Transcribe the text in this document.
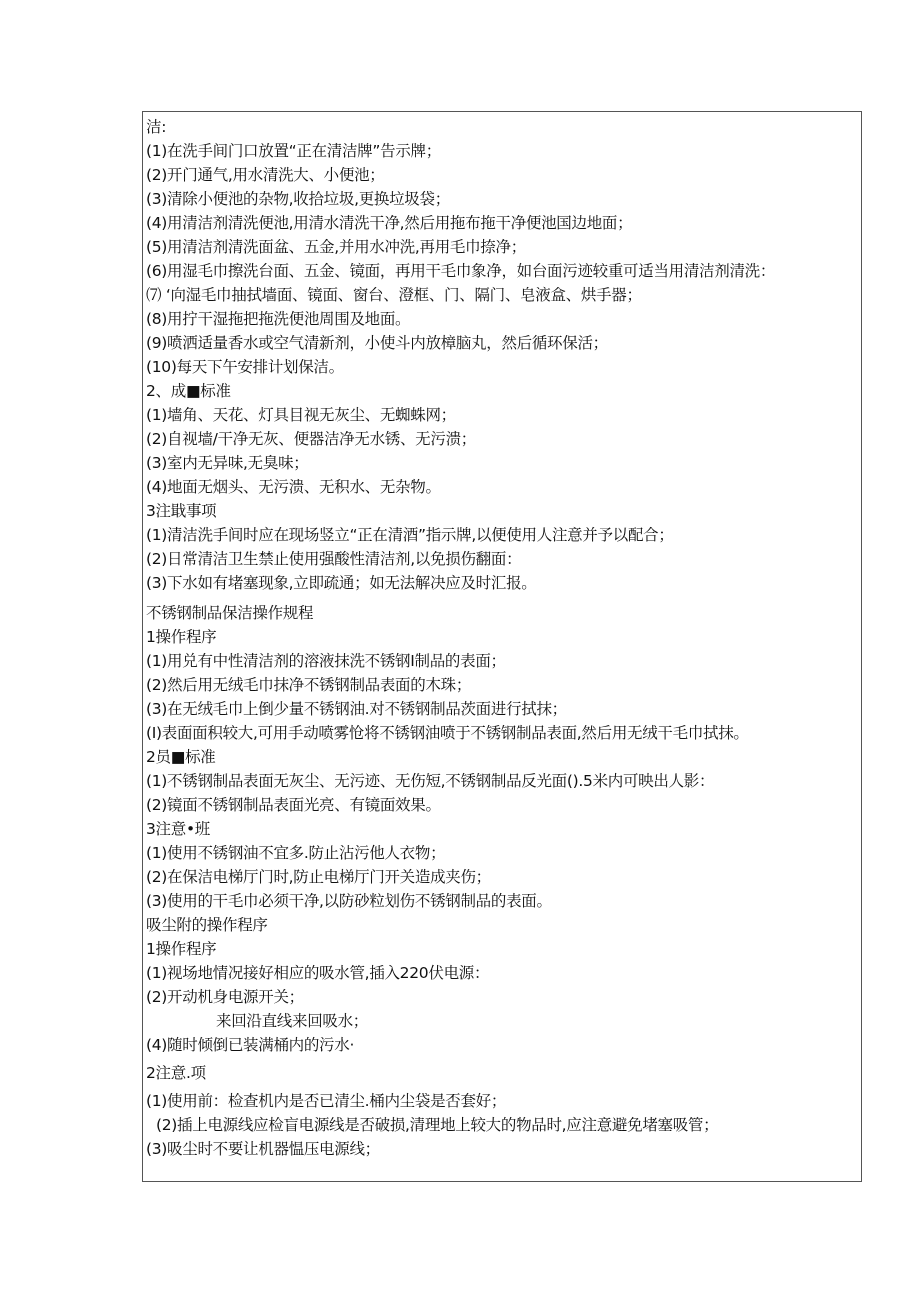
洁:
(1)在洗手间门口放置“正在清洁牌”告示牌；
(2)开门通气,用水清洗大、小便池；
(3)清除小便池的杂物,收拾垃圾,更换垃圾袋；
(4)用清洁剂清洗便池,用清水清洗干净,然后用拖布拖干净便池国边地面；
(5)用清洁剂清洗面盆、五金,并用水冲洗,再用毛巾捺净；
(6)用湿毛巾擦洗台面、五金、镜面，再用干毛巾象净，如台面污迹较重可适当用清洁剂清洗：
⑺ ‘向湿毛巾抽拭墙面、镜面、窗台、澄框、门、隔门、皂液盒、烘手器；
(8)用拧干湿拖把拖洗便池周围及地面。
(9)喷洒适量香水或空气清新剂，小使斗内放樟脑丸，然后循环保活；
(10)每天下午安排计划保洁。
2、成■标准
(1)墙角、天花、灯具目视无灰尘、无蜘蛛网；
(2)自视墙/干净无灰、便器洁净无水锈、无污溃；
(3)室内无异味,无臭味；
(4)地面无烟头、无污溃、无积水、无杂物。
3注戢事项
(1)清洁洗手间时应在现场竖立“正在清酒”指示牌,以便使用人注意并予以配合；
(2)日常清洁卫生禁止使用强酸性清洁剂,以免损伤翻面：
(3)下水如有堵塞现象,立即疏通；如无法解决应及时汇报。
不锈钢制品保洁操作规程
1操作程序
(1)用兑有中性清洁剂的溶液抹洗不锈钢I制品的表面；
(2)然后用无绒毛巾抹净不锈钢制品表面的木珠；
(3)在无绒毛巾上倒少量不锈钢油.对不锈钢制品茨面进行拭抹；
(I)表面面积较大,可用手动喷雾怆将不锈钢油喷于不锈钢制品表面,然后用无绒干毛巾拭抹。
2员■标准
(1)不锈钢制品表面无灰尘、无污迹、无伤短,不锈钢制品反光面().5米内可映出人影：
(2)镜面不锈钢制品表面光亮、有镜面效果。
3注意•班
(1)使用不锈钢油不宜多.防止沾污他人衣物；
(2)在保洁电梯厅门时,防止电梯厅门开关造成夹伤；
(3)使用的干毛巾必须干净,以防砂粒划伤不锈钢制品的表面。
吸尘附的操作程序
1操作程序
(1)视场地情况接好相应的吸水管,插入220伏电源：
(2)开动机身电源开关；
来回沿直线来回吸水；
(4)随时倾倒已装满桶内的污水·
2注意.项
(1)使用前：检查机内是否已清尘.桶内尘袋是否套好；
(2)插上电源线应检盲电源线是否破损,清理地上较大的物品时,应注意避免堵塞吸管；
(3)吸尘时不要让机器愠压电源线；
